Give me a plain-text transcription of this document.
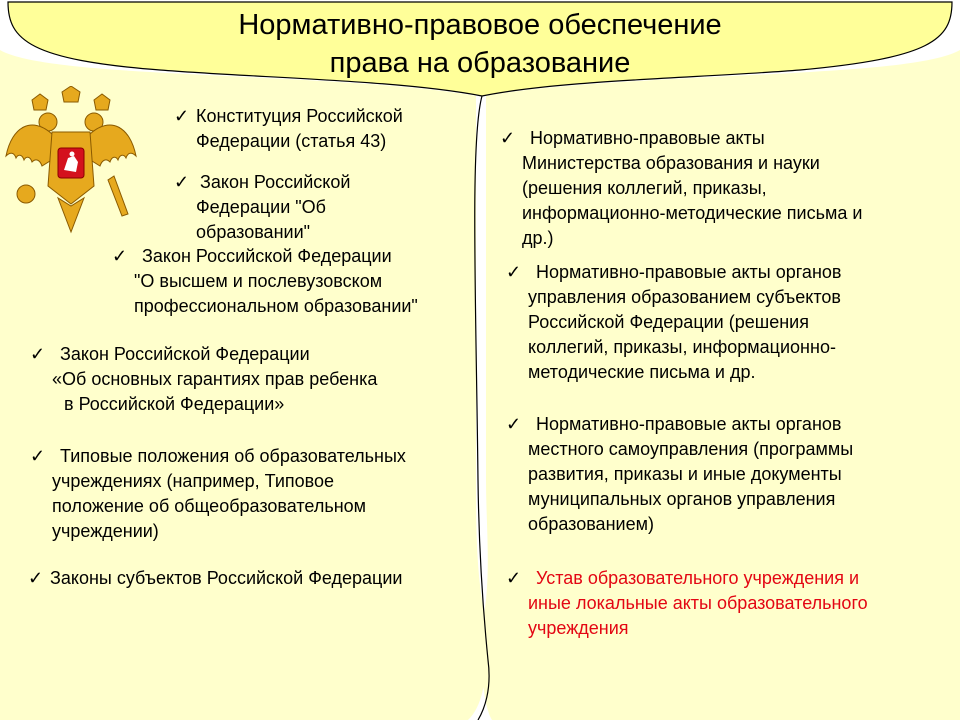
Нормативно-правовое обеспечение
права на образование
✓ Конституция Российской
Федерации (статья 43)
✓ Закон Российской
Федерации "Об
образовании"
✓ Закон Российской Федерации
"О высшем и послевузовском
профессиональном образовании"
✓ Закон Российской Федерации
«Об основных гарантиях прав ребенка
в Российской Федерации»
✓ Типовые положения об образовательных
учреждениях (например, Типовое
положение об общеобразовательном
учреждении)
✓ Законы субъектов Российской Федерации
✓ Нормативно-правовые акты
Министерства образования и науки
(решения коллегий, приказы,
информационно-методические письма и
др.)
✓ Нормативно-правовые акты органов
управления образованием субъектов
Российской Федерации (решения
коллегий, приказы, информационно-
методические письма и др.
✓ Нормативно-правовые акты органов
местного самоуправления (программы
развития, приказы и иные документы
муниципальных органов управления
образованием)
✓ Устав образовательного учреждения и
иные локальные акты образовательного
учреждения
